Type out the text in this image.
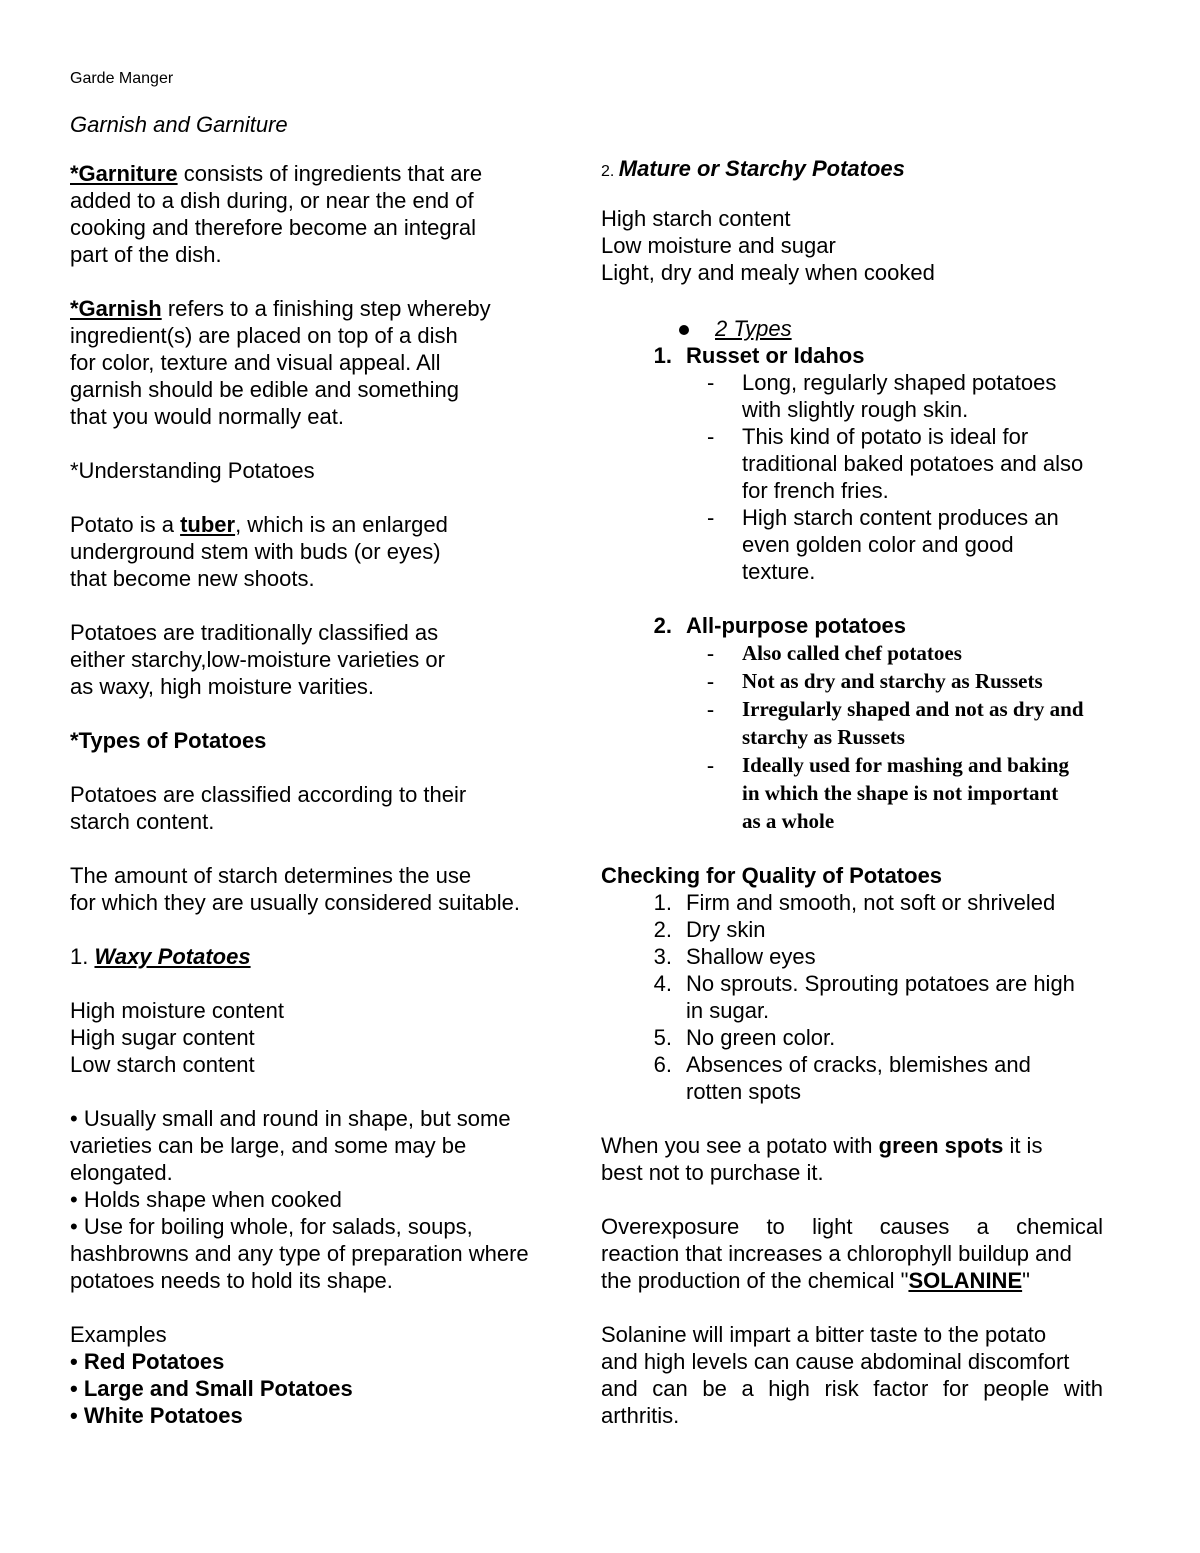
Garde Manger
Garnish and Garniture

*Garniture consists of ingredients that are
added to a dish during, or near the end of
cooking and therefore become an integral
part of the dish.

*Garnish refers to a finishing step whereby
ingredient(s) are placed on top of a dish
for color, texture and visual appeal. All
garnish should be edible and something
that you would normally eat.

*Understanding Potatoes

Potato is a tuber, which is an enlarged
underground stem with buds (or eyes)
that become new shoots.

Potatoes are traditionally classified as
either starchy,low-moisture varieties or
as waxy, high moisture varities.

*Types of Potatoes

Potatoes are classified according to their
starch content.

The amount of starch determines the use
for which they are usually considered suitable.

1. Waxy Potatoes

High moisture content
High sugar content
Low starch content

• Usually small and round in shape, but some
varieties can be large, and some may be
elongated.
• Holds shape when cooked
• Use for boiling whole, for salads, soups,
hashbrowns and any type of preparation where
potatoes needs to hold its shape.

Examples

• Red Potatoes
• Large and Small Potatoes
• White Potatoes

2. Mature or Starchy Potatoes

High starch content
Low moisture and sugar
Light, dry and mealy when cooked

2 Types

1. Russet or Idahos
-	Long, regularly shaped potatoes
with slightly rough skin.
-	This kind of potato is ideal for
traditional baked potatoes and also
for french fries.
-	High starch content produces an
even golden color and good
texture.
2. All-purpose potatoes
-	Also called chef potatoes
-	Not as dry and starchy as Russets
-	Irregularly shaped and not as dry and
starchy as Russets
-	Ideally used for mashing and baking
in which the shape is not important
as a whole

Checking for Quality of Potatoes

1. Firm and smooth, not soft or shriveled
2. Dry skin
3. Shallow eyes
4. No sprouts. Sprouting potatoes are high
in sugar.
5. No green color.
6. Absences of cracks, blemishes and
rotten spots

When you see a potato with green spots it is
best not to purchase it.

Overexposure to light causes a chemical
reaction that increases a chlorophyll buildup and
the production of the chemical "SOLANINE"

Solanine will impart a bitter taste to the potato
and high levels can cause abdominal discomfort
and can be a high risk factor for people with
arthritis.
